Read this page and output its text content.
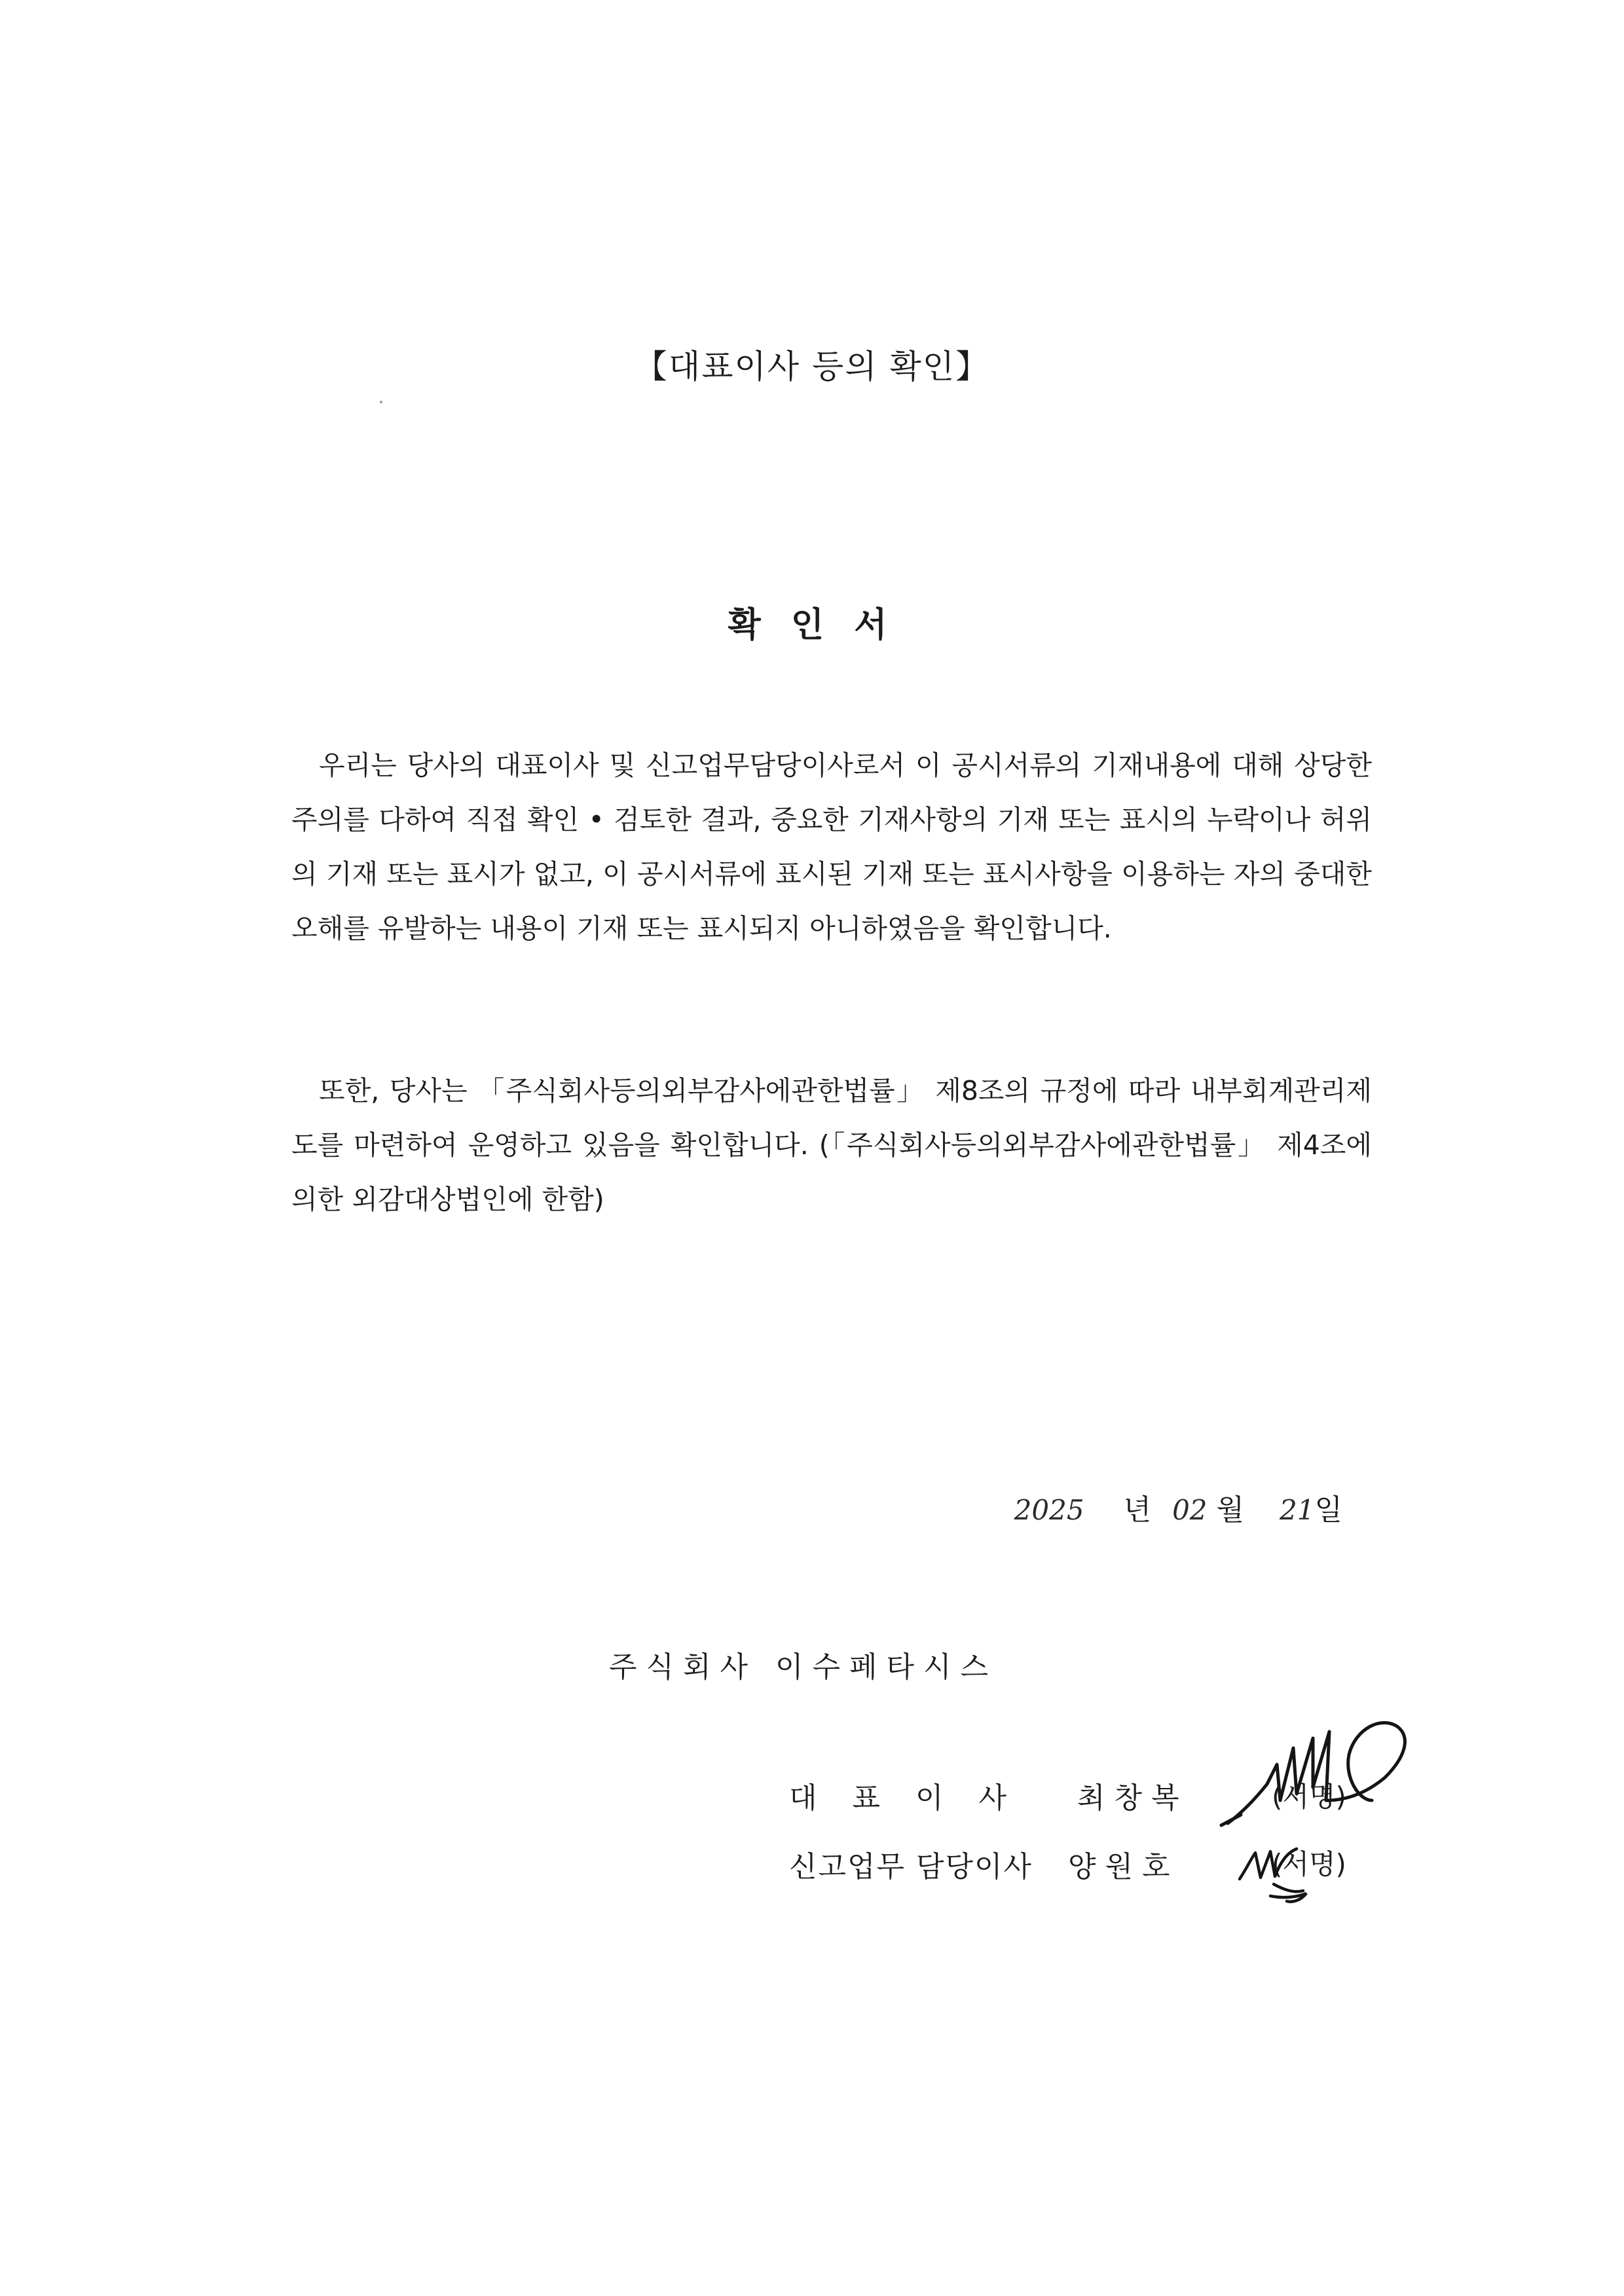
【대표이사 등의 확인】
확 인 서

우리는 당사의 대표이사 및 신고업무담당이사로서 이 공시서류의 기재내용에 대해 상당한 주의를 다하여 직접 확인 • 검토한 결과, 중요한 기재사항의 기재 또는 표시의 누락이나 허위의 기재 또는 표시가 없고, 이 공시서류에 표시된 기재 또는 표시사항을 이용하는 자의 중대한 오해를 유발하는 내용이 기재 또는 표시되지 아니하였음을 확인합니다.

또한, 당사는 「주식회사등의외부감사에관한법률」 제8조의 규정에 따라 내부회계관리제도를 마련하여 운영하고 있음을 확인합니다. (「주식회사등의외부감사에관한법률」 제4조에 의한 외감대상법인에 한함)

2025 년 02 월 21일
주식회사 이수페타시스
대표이사 최창복	(서명)
신고업무 담당이사 양원호	(서명)
